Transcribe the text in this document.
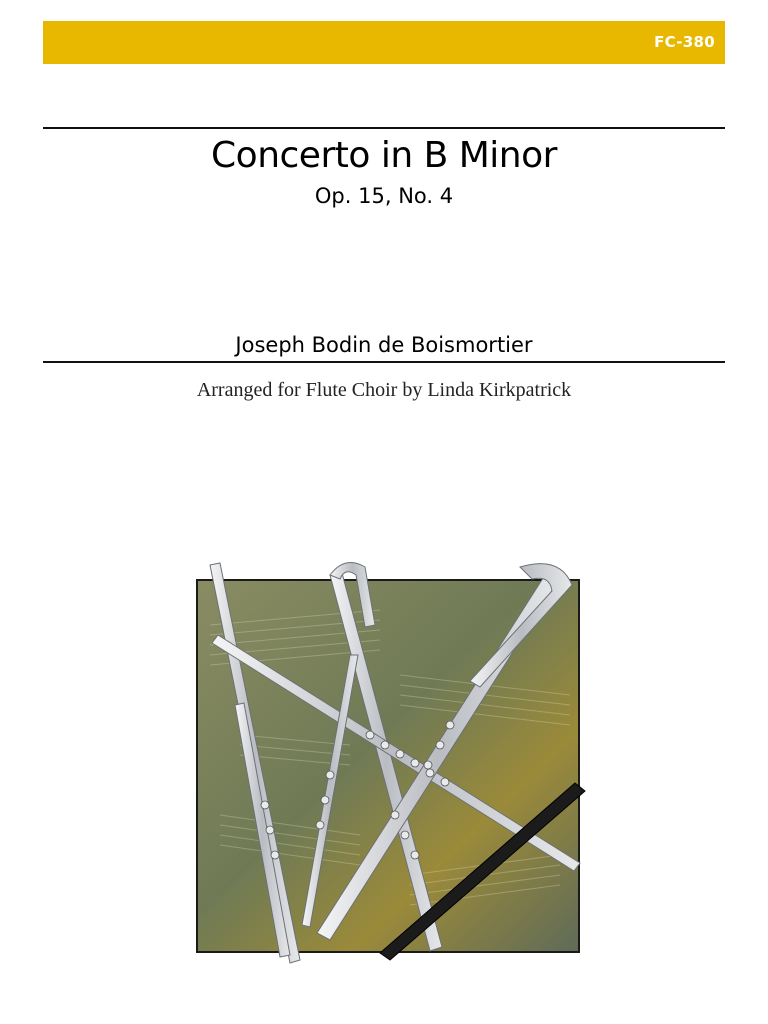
FC-380
Concerto in B Minor
Op. 15, No. 4
Joseph Bodin de Boismortier
Arranged for Flute Choir by Linda Kirkpatrick
